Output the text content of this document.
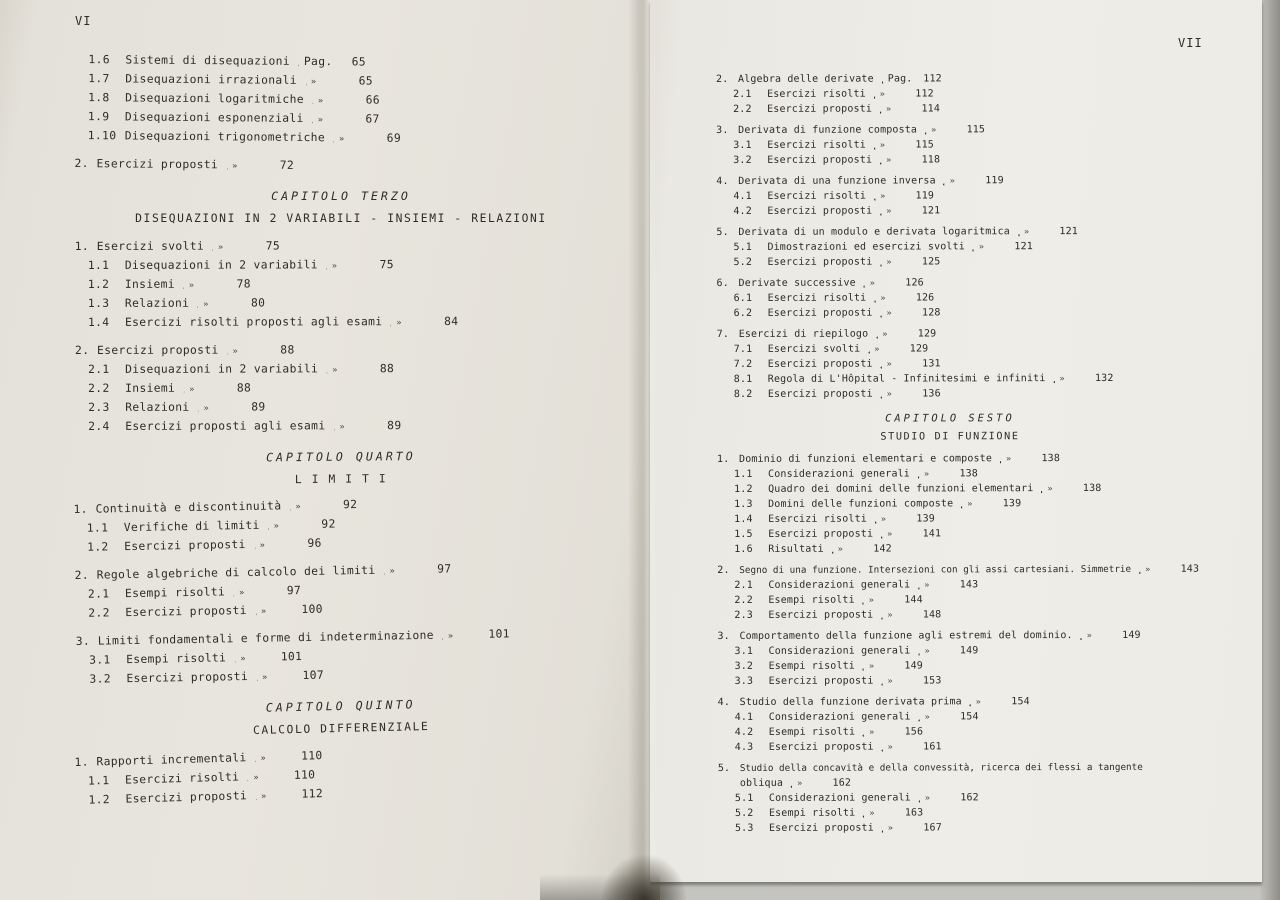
VI
1.6	Sistemi di disequazioni Pag.	65
1.7	Disequazioni irrazionali »	65
1.8	Disequazioni logaritmiche »	66
1.9	Disequazioni esponenziali »	67
1.10 Disequazioni trigonometriche »	69
2. Esercizi proposti »	72
CAPITOLO TERZO
DISEQUAZIONI IN 2 VARIABILI - INSIEMI - RELAZIONI
1. Esercizi svolti »	75
1.1	Disequazioni in 2 variabili »	75
1.2	Insiemi »	78
1.3	Relazioni »	80
1.4	Esercizi risolti proposti agli esami »	84
2. Esercizi proposti »	88
2.1	Disequazioni in 2 variabili »	88
2.2	Insiemi »	88
2.3	Relazioni »	89
2.4	Esercizi proposti agli esami »	89
CAPITOLO QUARTO
L I M I T I
1. Continuità e discontinuità »	92
1.1	Verifiche di limiti »	92
1.2	Esercizi proposti »	96
2. Regole algebriche di calcolo dei limiti »	97
2.1	Esempi risolti »	97
2.2	Esercizi proposti »	100
3. Limiti fondamentali e forme di indeterminazione »	101
3.1	Esempi risolti »	101
3.2	Esercizi proposti »	107
CAPITOLO QUINTO
CALCOLO DIFFERENZIALE
1. Rapporti incrementali »	110
1.1	Esercizi risolti »	110
1.2	Esercizi proposti »	112
VII
2. Algebra delle derivate Pag.	112
2.1	Esercizi risolti »	112
2.2	Esercizi proposti »	114
3. Derivata di funzione composta »	115
3.1	Esercizi risolti »	115
3.2	Esercizi proposti »	118
4. Derivata di una funzione inversa »	119
4.1	Esercizi risolti »	119
4.2	Esercizi proposti »	121
5. Derivata di un modulo e derivata logaritmica »	121
5.1	Dimostrazioni ed esercizi svolti »	121
5.2	Esercizi proposti »	125
6. Derivate successive »	126
6.1	Esercizi risolti »	126
6.2	Esercizi proposti »	128
7. Esercizi di riepilogo »	129
7.1	Esercizi svolti »	129
7.2	Esercizi proposti »	131
8.1	Regola di L'Hôpital - Infinitesimi e infiniti »	132
8.2	Esercizi proposti »	136
CAPITOLO SESTO
STUDIO DI FUNZIONE
1. Dominio di funzioni elementari e composte »	138
1.1	Considerazioni generali »	138
1.2	Quadro dei domini delle funzioni elementari »	138
1.3	Domini delle funzioni composte »	139
1.4	Esercizi risolti »	139
1.5	Esercizi proposti »	141
1.6	Risultati »	142
2.	Segno di una funzione. Intersezioni con gli assi cartesiani. Simmetrie »	143
2.1	Considerazioni generali »	143
2.2	Esempi risolti »	144
2.3	Esercizi proposti »	148
3. Comportamento della funzione agli estremi del dominio. »	149
3.1	Considerazioni generali »	149
3.2	Esempi risolti »	149
3.3	Esercizi proposti »	153
4. Studio della funzione derivata prima »	154
4.1	Considerazioni generali »	154
4.2	Esempi risolti »	156
4.3	Esercizi proposti »	161
5.	Studio della concavità e della convessità, ricerca dei flessi a tangente
obliqua »	162
5.1	Considerazioni generali »	162
5.2	Esempi risolti »	163
5.3	Esercizi proposti »	167
